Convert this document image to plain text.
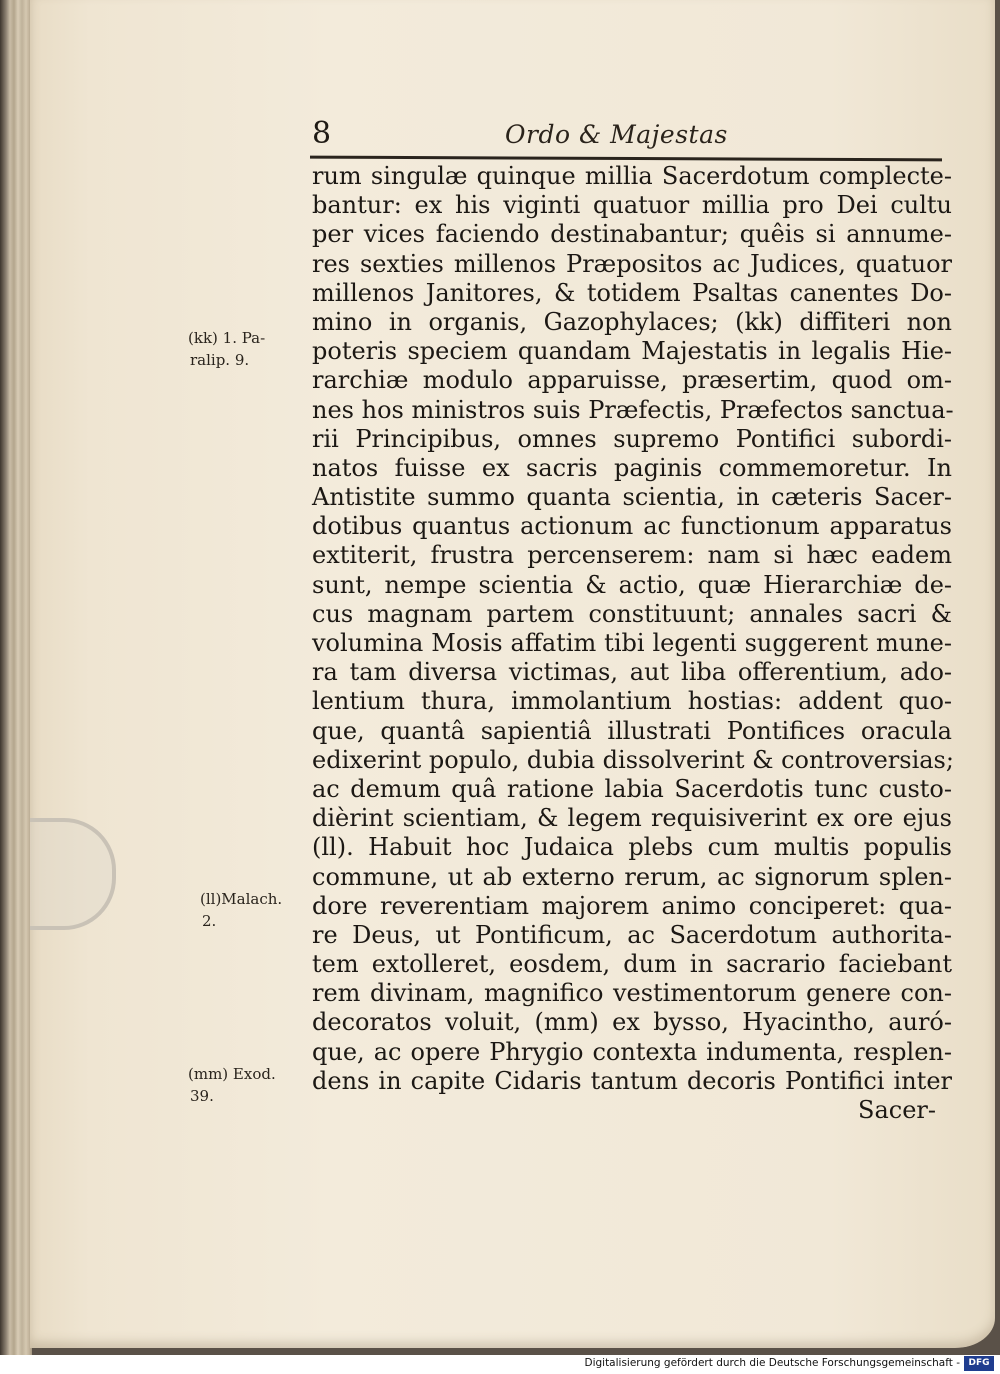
8	Ordo & Majestas
rum singulæ quinque millia Sacerdotum complecte-
bantur: ex his viginti quatuor millia pro Dei cultu
per vices faciendo destinabantur; quêis si annume-
res sexties millenos Præpositos ac Judices, quatuor
millenos Janitores, & totidem Psaltas canentes Do-
mino in organis, Gazophylaces; (kk) diffiteri non
poteris speciem quandam Majestatis in legalis Hie-
rarchiæ modulo apparuisse, præsertim, quod om-
nes hos ministros suis Præfectis, Præfectos sanctua-
rii Principibus, omnes supremo Pontifici subordi-
natos fuisse ex sacris paginis commemoretur. In
Antistite summo quanta scientia, in cæteris Sacer-
dotibus quantus actionum ac functionum apparatus
extiterit, frustra percenserem: nam si hæc eadem
sunt, nempe scientia & actio, quæ Hierarchiæ de-
cus magnam partem constituunt; annales sacri &
volumina Mosis affatim tibi legenti suggerent mune-
ra tam diversa victimas, aut liba offerentium, ado-
lentium thura, immolantium hostias: addent quo-
que, quantâ sapientiâ illustrati Pontifices oracula
edixerint populo, dubia dissolverint & controversias;
ac demum quâ ratione labia Sacerdotis tunc custo-
dièrint scientiam, & legem requisiverint ex ore ejus
(ll). Habuit hoc Judaica plebs cum multis populis
commune, ut ab externo rerum, ac signorum splen-
dore reverentiam majorem animo conciperet: qua-
re Deus, ut Pontificum, ac Sacerdotum authorita-
tem extolleret, eosdem, dum in sacrario faciebant
rem divinam, magnifico vestimentorum genere con-
decoratos voluit, (mm) ex bysso, Hyacintho, auró-
que, ac opere Phrygio contexta indumenta, resplen-
dens in capite Cidaris tantum decoris Pontifici inter
Sacer-
(kk) 1. Pa-
ralip. 9.
(ll)Malach.
2.
(mm) Exod.
39.
Digitalisierung gefördert durch die Deutsche Forschungsgemeinschaft - DFG
